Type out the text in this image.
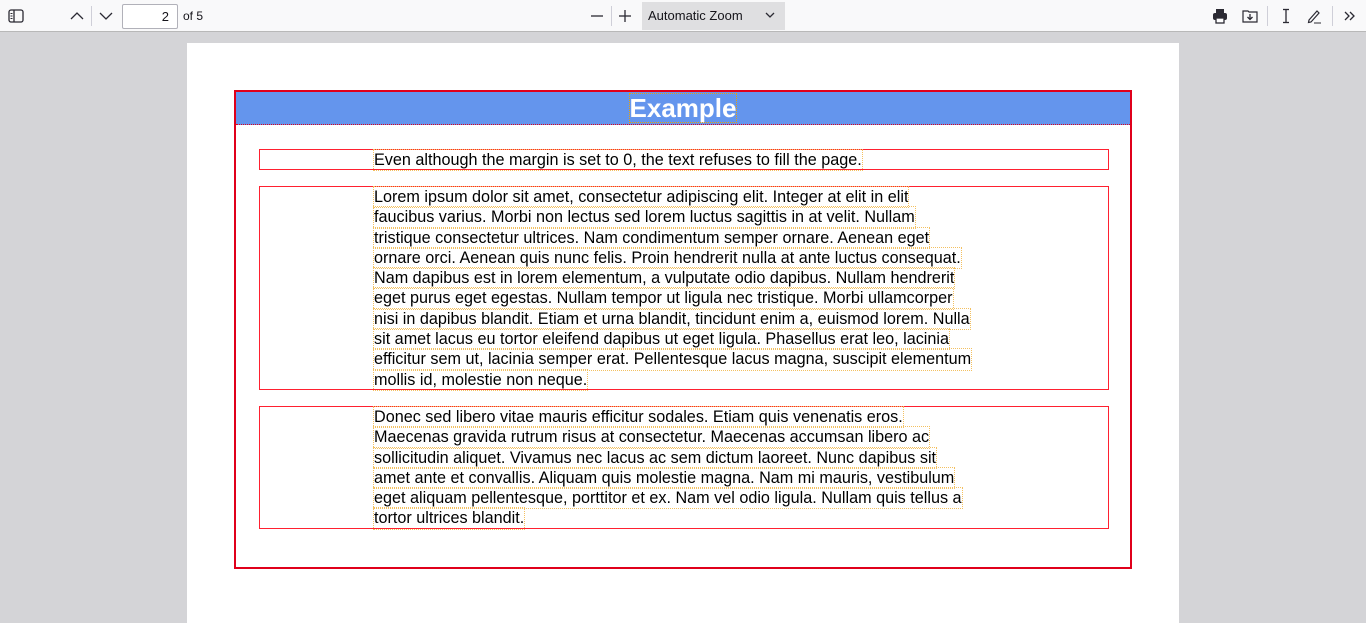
2	of 5	Automatic Zoom
Example
Even although the margin is set to 0, the text refuses to fill the page.
Lorem ipsum dolor sit amet, consectetur adipiscing elit. Integer at elit in elit
faucibus varius. Morbi non lectus sed lorem luctus sagittis in at velit. Nullam
tristique consectetur ultrices. Nam condimentum semper ornare. Aenean eget
ornare orci. Aenean quis nunc felis. Proin hendrerit nulla at ante luctus consequat.
Nam dapibus est in lorem elementum, a vulputate odio dapibus. Nullam hendrerit
eget purus eget egestas. Nullam tempor ut ligula nec tristique. Morbi ullamcorper
nisi in dapibus blandit. Etiam et urna blandit, tincidunt enim a, euismod lorem. Nulla
sit amet lacus eu tortor eleifend dapibus ut eget ligula. Phasellus erat leo, lacinia
efficitur sem ut, lacinia semper erat. Pellentesque lacus magna, suscipit elementum
mollis id, molestie non neque.

Donec sed libero vitae mauris efficitur sodales. Etiam quis venenatis eros.
Maecenas gravida rutrum risus at consectetur. Maecenas accumsan libero ac
sollicitudin aliquet. Vivamus nec lacus ac sem dictum laoreet. Nunc dapibus sit
amet ante et convallis. Aliquam quis molestie magna. Nam mi mauris, vestibulum
eget aliquam pellentesque, porttitor et ex. Nam vel odio ligula. Nullam quis tellus a
tortor ultrices blandit.
